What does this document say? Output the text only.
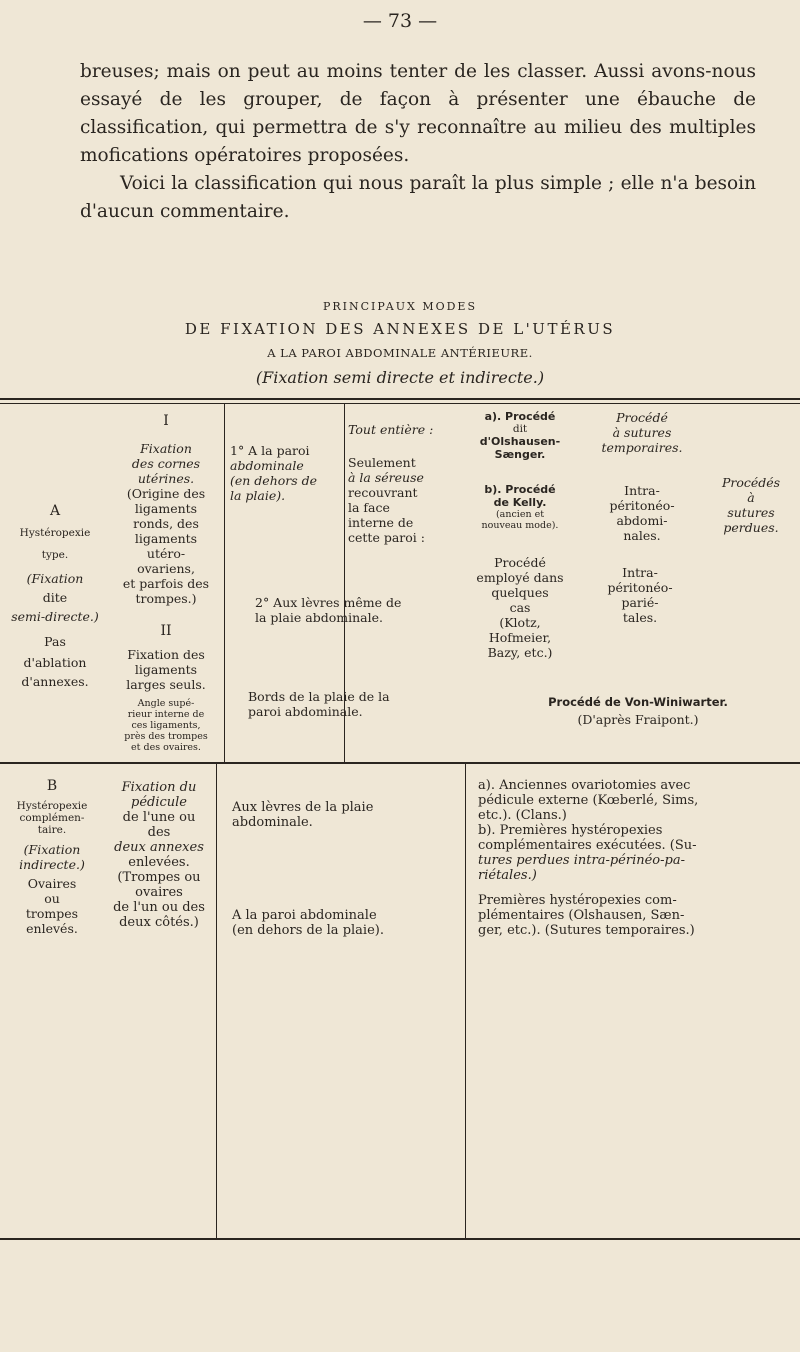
— 73 —

breuses; mais on peut au moins tenter de les classer. Aussi avons-nous essayé de les grouper, de façon à présenter une ébauche de classification, qui permettra de s'y reconnaître au milieu des multiples mofications opératoires proposées.

Voici la classification qui nous paraît la plus simple ; elle n'a besoin d'aucun commentaire.

PRINCIPAUX MODES
DE FIXATION DES ANNEXES DE L'UTÉRUS
A LA PAROI ABDOMINALE ANTÉRIEURE.
(Fixation semi directe et indirecte.)
A
Hystéropexie
type.
(Fixation
dite
semi-directe.)
Pas
d'ablation
d'annexes.
I
Fixation
des cornes
utérines.
(Origine des
ligaments
ronds, des
ligaments
utéro-
ovariens,
et parfois des
trompes.)
II
Fixation des
ligaments
larges seuls.
Angle supé-
rieur interne de
ces ligaments,
près des trompes
et des ovaires.
1° A la paroi
abdominale
(en dehors de
la plaie).
Tout entière :
Seulement
à la séreuse
recouvrant
la face
interne de
cette paroi :
2° Aux lèvres même de
la plaie abdominale.
Bords de la plaie de la
paroi abdominale.
a). Procédé
dit
d'Olshausen-
Sænger.
b). Procédé
de Kelly.
(ancien et
nouveau mode).
Procédé
employé dans
quelques
cas
(Klotz,
Hofmeier,
Bazy, etc.)
Procédé
à sutures
temporaires.
Intra-
péritonéo-
abdomi-
nales.
Intra-
péritonéo-
parié-
tales.
Procédés
à
sutures
perdues.
Procédé de Von-Winiwarter.
(D'après Fraipont.)
B
Hystéropexie
complémen-
taire.
(Fixation
indirecte.)
Ovaires
ou
trompes
enlevés.
Fixation du
pédicule
de l'une ou
des
deux annexes
enlevées.
(Trompes ou
ovaires
de l'un ou des
deux côtés.)
Aux lèvres de la plaie
abdominale.
A la paroi abdominale
(en dehors de la plaie).
a). Anciennes ovariotomies avec
pédicule externe (Kœberlé, Sims,
etc.). (Clans.)
b). Premières hystéropexies
complémentaires exécutées. (Su-
tures perdues intra-périnéo-pa-
riétales.)
Premières hystéropexies com-
plémentaires (Olshausen, Sæn-
ger, etc.). (Sutures temporaires.)
